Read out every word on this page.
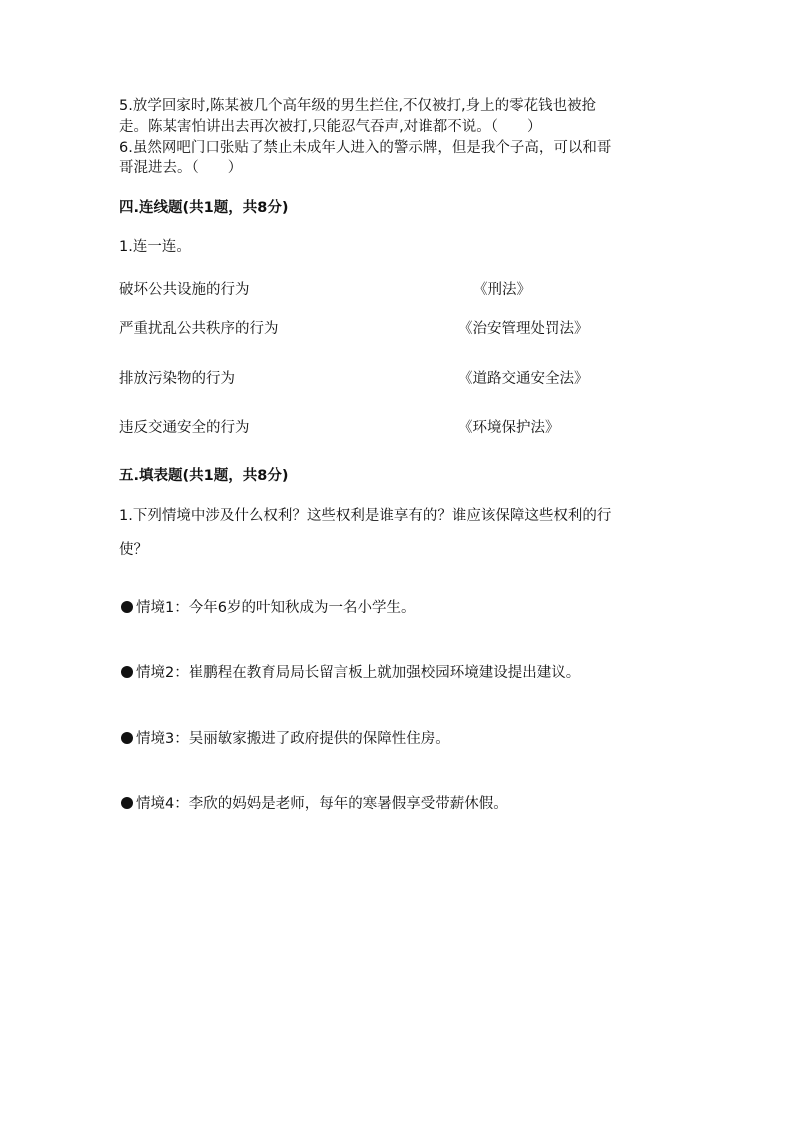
5.放学回家时,陈某被几个高年级的男生拦住,不仅被打,身上的零花钱也被抢
走。陈某害怕讲出去再次被打,只能忍气吞声,对谁都不说。（　　）
6.虽然网吧门口张贴了禁止未成年人进入的警示牌，但是我个子高，可以和哥
哥混进去。（　　）
四.连线题(共1题，共8分)
1.连一连。
破坏公共设施的行为	《刑法》
严重扰乱公共秩序的行为	《治安管理处罚法》
排放污染物的行为	《道路交通安全法》
违反交通安全的行为	《环境保护法》
五.填表题(共1题，共8分)
1.下列情境中涉及什么权利？这些权利是谁享有的？谁应该保障这些权利的行
使？
情境1：今年6岁的叶知秋成为一名小学生。
情境2：崔鹏程在教育局局长留言板上就加强校园环境建设提出建议。
情境3：吴丽敏家搬进了政府提供的保障性住房。
情境4：李欣的妈妈是老师，每年的寒暑假享受带薪休假。
